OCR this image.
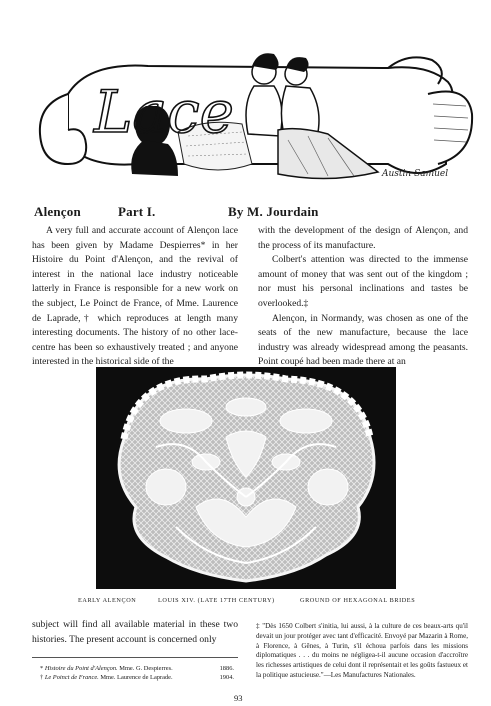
Lace
Austin Samuel
Alençon	Part I.	By M. Jourdain

A very full and accurate account of Alençon lace has been given by Madame Despierres* in her Histoire du Point d'Alençon, and the revival of interest in the national lace industry noticeable latterly in France is responsible for a new work on the subject, Le Poinct de France, of Mme. Laurence de Laprade,† which reproduces at length many interesting documents. The history of no other lace-centre has been so exhaustively treated ; and anyone interested in the historical side of the

with the development of the design of Alençon, and the process of its manufacture.

Colbert's attention was directed to the immense amount of money that was sent out of the kingdom ; nor must his personal inclinations and tastes be overlooked.‡

Alençon, in Normandy, was chosen as one of the seats of the new manufacture, because the lace industry was already widespread among the peasants. Point coupé had been made there at an

EARLY ALENÇON	LOUIS XIV. (LATE 17TH CENTURY)	GROUND OF HEXAGONAL BRIDES
subject will find all available material in these two histories. The present account is concerned only
‡ "Dès 1650 Colbert s'initia, lui aussi, à la culture de ces beaux-arts qu'il devait un jour protéger avec tant d'efficacité. Envoyé par Mazarin à Rome, à Florence, à Gênes, à Turin, s'il échoua parfois dans les missions diplomatiques . . . du moins ne négligea-t-il aucune occasion d'accroître les richesses artistiques de celui dont il représentait et les goûts fastueux et la politique astucieuse."—Les Manufactures Nationales.
* Histoire du Point d'Alençon. Mme. G. Despierres.	1886.
† Le Poinct de France. Mme. Laurence de Laprade.	1904.
93
